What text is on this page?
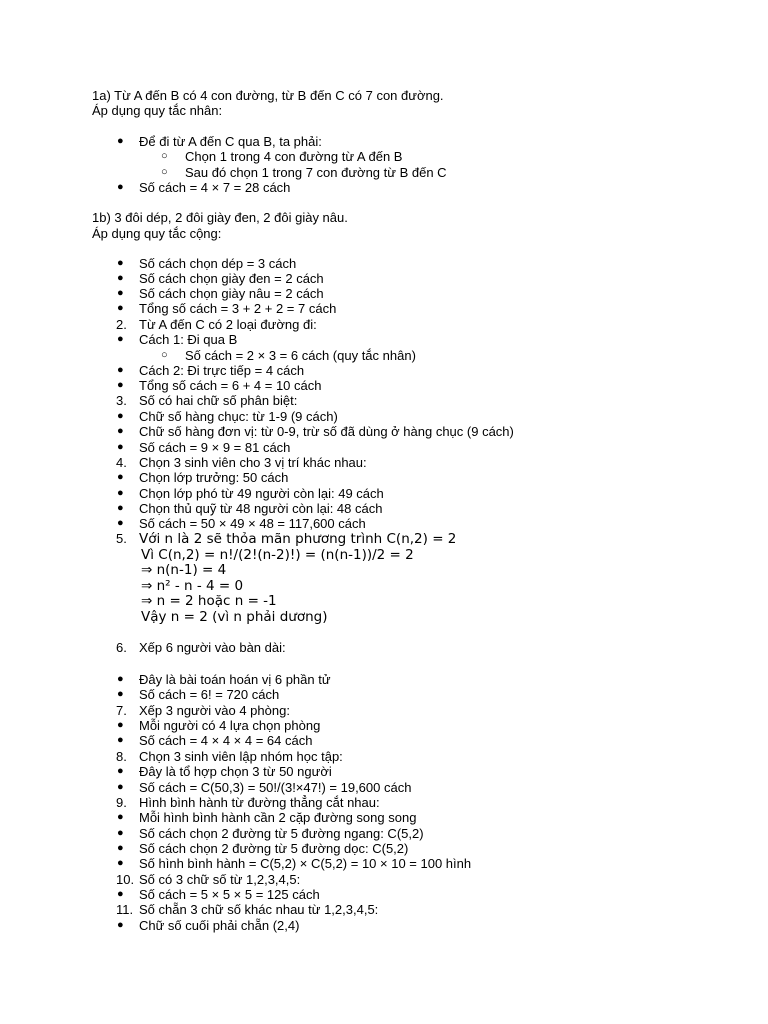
1a) Từ A đến B có 4 con đường, từ B đến C có 7 con đường.
Áp dụng quy tắc nhân:
● Để đi từ A đến C qua B, ta phải:
○ Chọn 1 trong 4 con đường từ A đến B
○ Sau đó chọn 1 trong 7 con đường từ B đến C
● Số cách = 4 × 7 = 28 cách
1b) 3 đôi dép, 2 đôi giày đen, 2 đôi giày nâu.
Áp dụng quy tắc cộng:
● Số cách chọn dép = 3 cách
● Số cách chọn giày đen = 2 cách
● Số cách chọn giày nâu = 2 cách
● Tổng số cách = 3 + 2 + 2 = 7 cách
2. Từ A đến C có 2 loại đường đi:
● Cách 1: Đi qua B
○ Số cách = 2 × 3 = 6 cách (quy tắc nhân)
● Cách 2: Đi trực tiếp = 4 cách
● Tổng số cách = 6 + 4 = 10 cách
3. Số có hai chữ số phân biệt:
● Chữ số hàng chục: từ 1-9 (9 cách)
● Chữ số hàng đơn vị: từ 0-9, trừ số đã dùng ở hàng chục (9 cách)
● Số cách = 9 × 9 = 81 cách
4. Chọn 3 sinh viên cho 3 vị trí khác nhau:
● Chọn lớp trưởng: 50 cách
● Chọn lớp phó từ 49 người còn lại: 49 cách
● Chọn thủ quỹ từ 48 người còn lại: 48 cách
● Số cách = 50 × 49 × 48 = 117,600 cách
5. Với n là 2 sẽ thỏa mãn phương trình C(n,2) = 2
Vì C(n,2) = n!/(2!(n-2)!) = (n(n-1))/2 = 2
⇒ n(n-1) = 4
⇒ n² - n - 4 = 0
⇒ n = 2 hoặc n = -1
Vậy n = 2 (vì n phải dương)
6. Xếp 6 người vào bàn dài:
● Đây là bài toán hoán vị 6 phần tử
● Số cách = 6! = 720 cách
7. Xếp 3 người vào 4 phòng:
● Mỗi người có 4 lựa chọn phòng
● Số cách = 4 × 4 × 4 = 64 cách
8. Chọn 3 sinh viên lập nhóm học tập:
● Đây là tổ hợp chọn 3 từ 50 người
● Số cách = C(50,3) = 50!/(3!×47!) = 19,600 cách
9. Hình bình hành từ đường thẳng cắt nhau:
● Mỗi hình bình hành cần 2 cặp đường song song
● Số cách chọn 2 đường từ 5 đường ngang: C(5,2)
● Số cách chọn 2 đường từ 5 đường dọc: C(5,2)
● Số hình bình hành = C(5,2) × C(5,2) = 10 × 10 = 100 hình
10. Số có 3 chữ số từ 1,2,3,4,5:
● Số cách = 5 × 5 × 5 = 125 cách
11. Số chẵn 3 chữ số khác nhau từ 1,2,3,4,5:
● Chữ số cuối phải chẵn (2,4)
